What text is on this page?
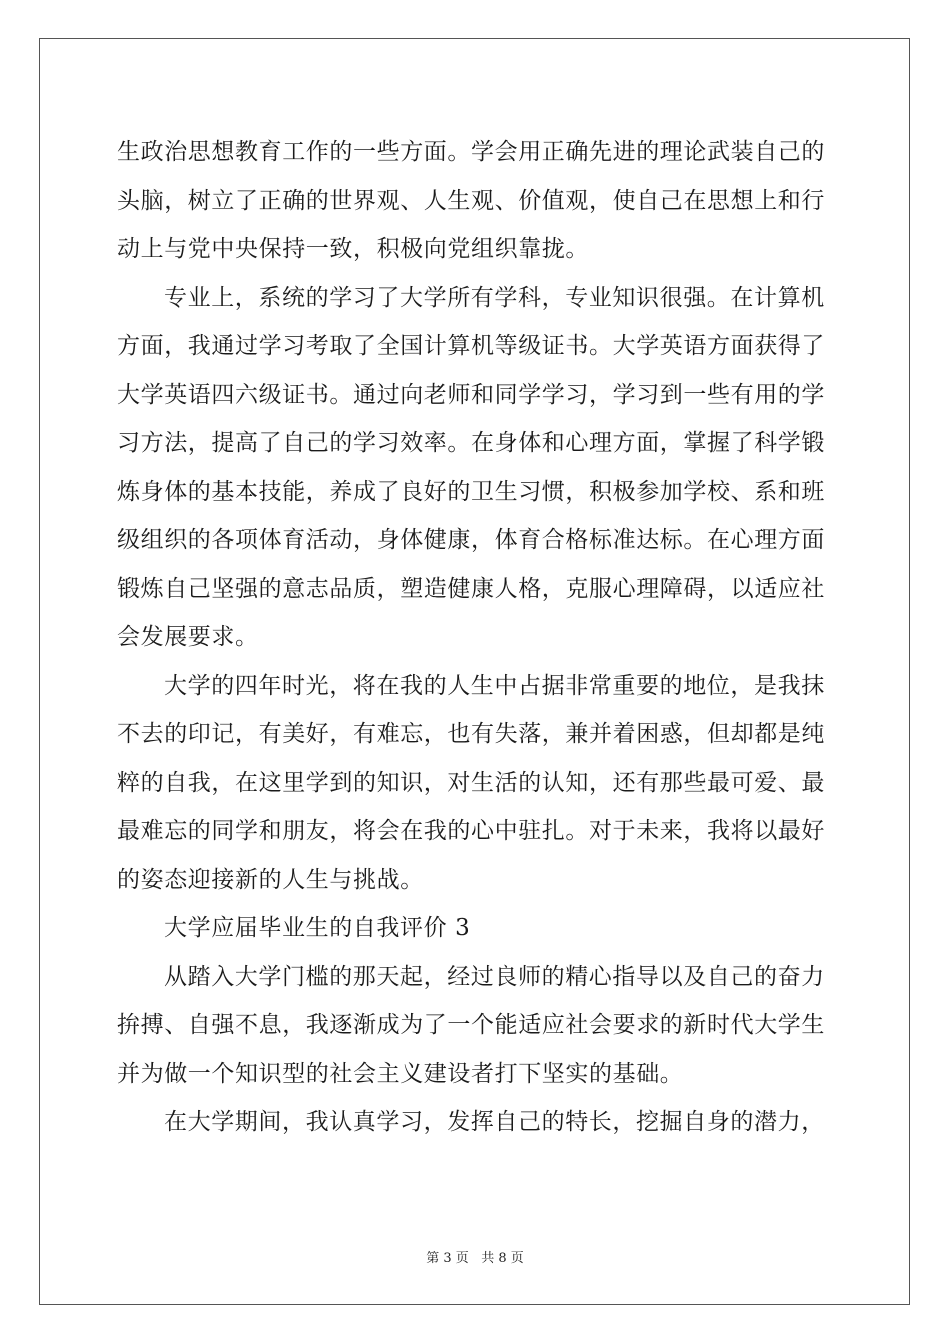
生政治思想教育工作的一些方面。学会用正确先进的理论武装自己的
头脑，树立了正确的世界观、人生观、价值观，使自己在思想上和行
动上与党中央保持一致，积极向党组织靠拢。
专业上，系统的学习了大学所有学科，专业知识很强。在计算机
方面，我通过学习考取了全国计算机等级证书。大学英语方面获得了
大学英语四六级证书。通过向老师和同学学习，学习到一些有用的学
习方法，提高了自己的学习效率。在身体和心理方面，掌握了科学锻
炼身体的基本技能，养成了良好的卫生习惯，积极参加学校、系和班
级组织的各项体育活动，身体健康，体育合格标准达标。在心理方面
锻炼自己坚强的意志品质，塑造健康人格，克服心理障碍，以适应社
会发展要求。
大学的四年时光，将在我的人生中占据非常重要的地位，是我抹
不去的印记，有美好，有难忘，也有失落，兼并着困惑，但却都是纯
粹的自我，在这里学到的知识，对生活的认知，还有那些最可爱、最
最难忘的同学和朋友，将会在我的心中驻扎。对于未来，我将以最好
的姿态迎接新的人生与挑战。
大学应届毕业生的自我评价 3
从踏入大学门槛的那天起，经过良师的精心指导以及自己的奋力
拚搏、自强不息，我逐渐成为了一个能适应社会要求的新时代大学生
并为做一个知识型的社会主义建设者打下坚实的基础。
在大学期间，我认真学习，发挥自己的特长，挖掘自身的潜力，
第 3 页   共 8 页
